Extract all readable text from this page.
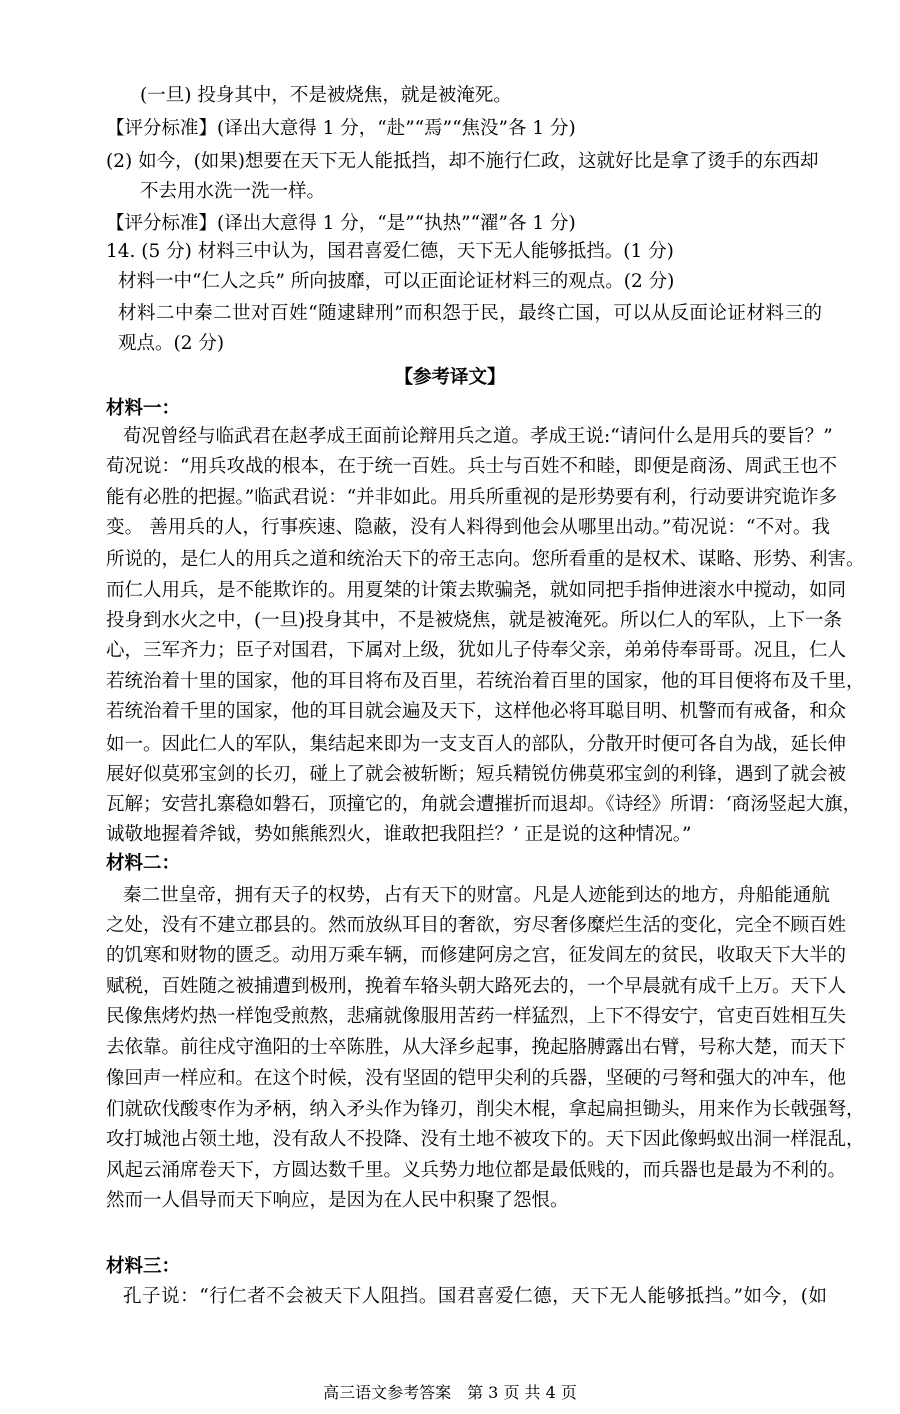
(一旦) 投身其中，不是被烧焦，就是被淹死。
【评分标准】(译出大意得 1 分，“赴”“焉”“焦没”各 1 分)
(2) 如今，(如果)想要在天下无人能抵挡，却不施行仁政，这就好比是拿了烫手的东西却
不去用水洗一洗一样。
【评分标准】(译出大意得 1 分，“是”“执热”“濯”各 1 分)
14. (5 分) 材料三中认为，国君喜爱仁德，天下无人能够抵挡。(1 分)
材料一中“仁人之兵” 所向披靡，可以正面论证材料三的观点。(2 分)
材料二中秦二世对百姓“随逮肆刑”而积怨于民，最终亡国，可以从反面论证材料三的
观点。(2 分)
【参考译文】
材料一：
荀况曾经与临武君在赵孝成王面前论辩用兵之道。孝成王说:“请问什么是用兵的要旨？”
荀况说：“用兵攻战的根本，在于统一百姓。兵士与百姓不和睦，即便是商汤、周武王也不
能有必胜的把握。”临武君说：“并非如此。用兵所重视的是形势要有利，行动要讲究诡诈多
变。 善用兵的人，行事疾速、隐蔽，没有人料得到他会从哪里出动。”荀况说：“不对。我
所说的，是仁人的用兵之道和统治天下的帝王志向。您所看重的是权术、谋略、形势、利害。
而仁人用兵，是不能欺诈的。用夏桀的计策去欺骗尧，就如同把手指伸进滚水中搅动，如同
投身到水火之中，(一旦)投身其中，不是被烧焦，就是被淹死。所以仁人的军队，上下一条
心，三军齐力；臣子对国君，下属对上级，犹如儿子侍奉父亲，弟弟侍奉哥哥。况且，仁人
若统治着十里的国家，他的耳目将布及百里，若统治着百里的国家，他的耳目便将布及千里，
若统治着千里的国家，他的耳目就会遍及天下，这样他必将耳聪目明、机警而有戒备，和众
如一。因此仁人的军队，集结起来即为一支支百人的部队，分散开时便可各自为战，延长伸
展好似莫邪宝剑的长刃，碰上了就会被斩断；短兵精锐仿佛莫邪宝剑的利锋，遇到了就会被
瓦解；安营扎寨稳如磐石，顶撞它的，角就会遭摧折而退却。《诗经》所谓：‘商汤竖起大旗，
诚敬地握着斧钺，势如熊熊烈火，谁敢把我阻拦？’ 正是说的这种情况。”
材料二：
秦二世皇帝，拥有天子的权势，占有天下的财富。凡是人迹能到达的地方，舟船能通航
之处，没有不建立郡县的。然而放纵耳目的奢欲，穷尽奢侈糜烂生活的变化，完全不顾百姓
的饥寒和财物的匮乏。动用万乘车辆，而修建阿房之宫，征发闾左的贫民，收取天下大半的
赋税，百姓随之被捕遭到极刑，挽着车辂头朝大路死去的，一个早晨就有成千上万。天下人
民像焦烤灼热一样饱受煎熬，悲痛就像服用苦药一样猛烈，上下不得安宁，官吏百姓相互失
去依靠。前往戍守渔阳的士卒陈胜，从大泽乡起事，挽起胳膊露出右臂，号称大楚，而天下
像回声一样应和。在这个时候，没有坚固的铠甲尖利的兵器，坚硬的弓弩和强大的冲车，他
们就砍伐酸枣作为矛柄，纳入矛头作为锋刃，削尖木棍，拿起扁担锄头，用来作为长戟强弩，
攻打城池占领土地，没有敌人不投降、没有土地不被攻下的。天下因此像蚂蚁出洞一样混乱，
风起云涌席卷天下，方圆达数千里。义兵势力地位都是最低贱的，而兵器也是最为不利的。
然而一人倡导而天下响应，是因为在人民中积聚了怨恨。
材料三：
孔子说：“行仁者不会被天下人阻挡。国君喜爱仁德，天下无人能够抵挡。”如今，(如
高三语文参考答案　第 3 页 共 4 页
